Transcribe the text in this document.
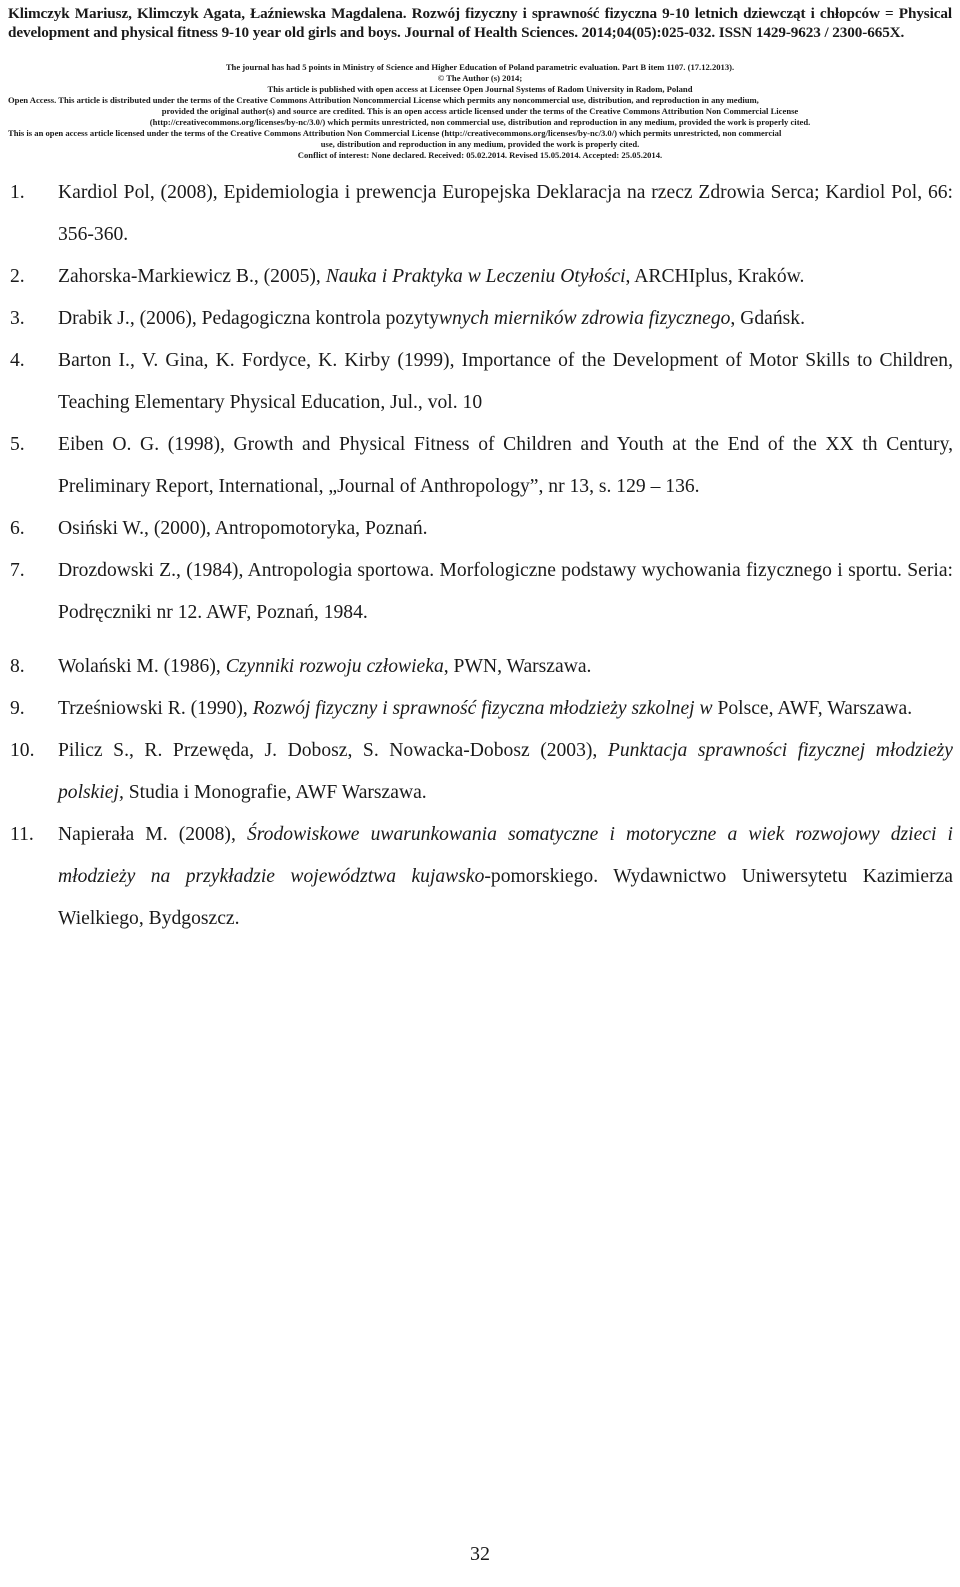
Klimczyk Mariusz, Klimczyk Agata, Łaźniewska Magdalena. Rozwój fizyczny i sprawność fizyczna 9-10 letnich dziewcząt i chłopców = Physical development and physical fitness 9-10 year old girls and boys. Journal of Health Sciences. 2014;04(05):025-032. ISSN 1429-9623 / 2300-665X.

The journal has had 5 points in Ministry of Science and Higher Education of Poland parametric evaluation. Part B item 1107. (17.12.2013).

© The Author (s) 2014;

This article is published with open access at Licensee Open Journal Systems of Radom University in Radom, Poland

Open Access. This article is distributed under the terms of the Creative Commons Attribution Noncommercial License which permits any noncommercial use, distribution, and reproduction in any medium,

provided the original author(s) and source are credited. This is an open access article licensed under the terms of the Creative Commons Attribution Non Commercial License

(http://creativecommons.org/licenses/by-nc/3.0/) which permits unrestricted, non commercial use, distribution and reproduction in any medium, provided the work is properly cited.

This is an open access article licensed under the terms of the Creative Commons Attribution Non Commercial License (http://creativecommons.org/licenses/by-nc/3.0/) which permits unrestricted, non commercial

use, distribution and reproduction in any medium, provided the work is properly cited.

Conflict of interest: None declared. Received: 05.02.2014. Revised 15.05.2014. Accepted: 25.05.2014.

1. Kardiol Pol, (2008), Epidemiologia i prewencja Europejska Deklaracja na rzecz Zdrowia Serca; Kardiol Pol, 66: 356-360.
2. Zahorska-Markiewicz B., (2005), Nauka i Praktyka w Leczeniu Otyłości, ARCHIplus, Kraków.
3. Drabik J., (2006), Pedagogiczna kontrola pozytywnych mierników zdrowia fizycznego, Gdańsk.
4. Barton I., V. Gina, K. Fordyce, K. Kirby (1999), Importance of the Development of Motor Skills to Children, Teaching Elementary Physical Education, Jul., vol. 10
5. Eiben O. G. (1998), Growth and Physical Fitness of Children and Youth at the End of the XX th Century, Preliminary Report, International, „Journal of Anthropology”, nr 13, s. 129 – 136.
6. Osiński W., (2000), Antropomotoryka, Poznań.
7. Drozdowski Z., (1984), Antropologia sportowa. Morfologiczne podstawy wychowania fizycznego i sportu. Seria: Podręczniki nr 12. AWF, Poznań, 1984.
8. Wolański M. (1986), Czynniki rozwoju człowieka, PWN, Warszawa.
9. Trześniowski R. (1990), Rozwój fizyczny i sprawność fizyczna młodzieży szkolnej w Polsce, AWF, Warszawa.
10. Pilicz S., R. Przewęda, J. Dobosz, S. Nowacka-Dobosz (2003), Punktacja sprawności fizycznej młodzieży polskiej, Studia i Monografie, AWF Warszawa.
11. Napierała M. (2008), Środowiskowe uwarunkowania somatyczne i motoryczne a wiek rozwojowy dzieci i młodzieży na przykładzie województwa kujawsko-pomorskiego. Wydawnictwo Uniwersytetu Kazimierza Wielkiego, Bydgoszcz.
32
